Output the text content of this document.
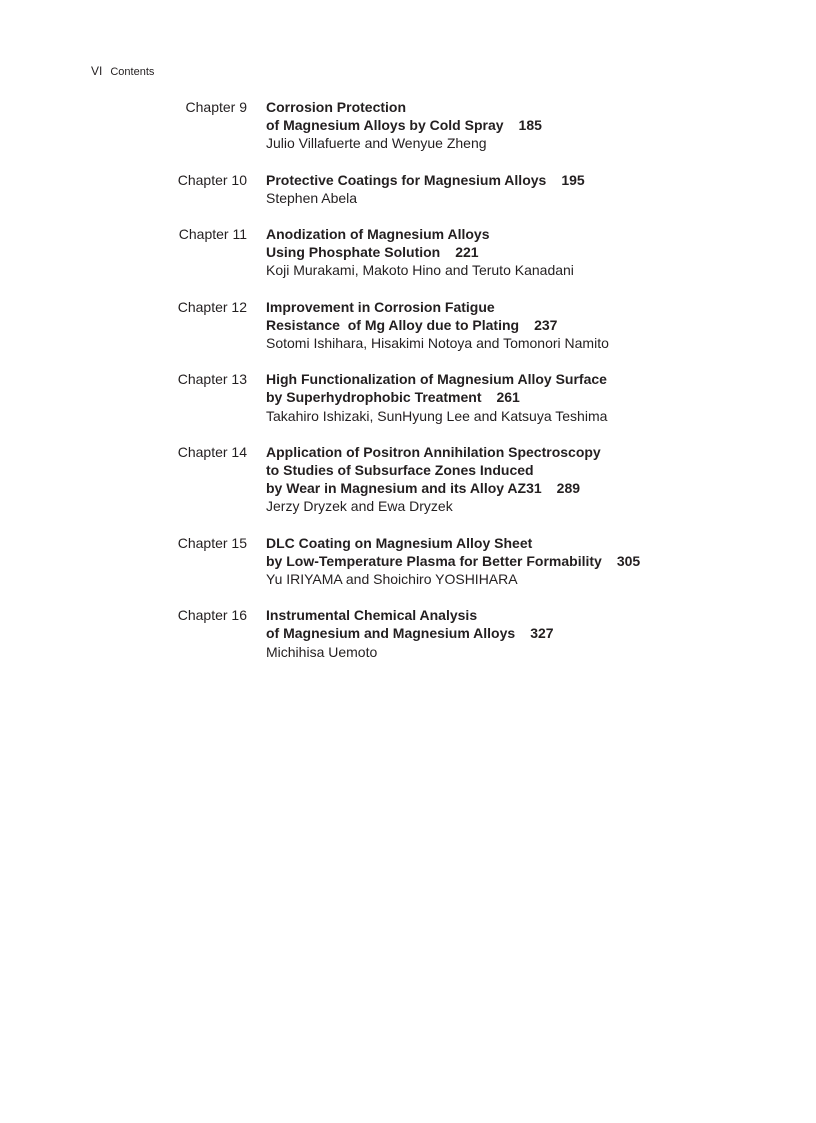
VI Contents
Chapter 9 Corrosion Protection
of Magnesium Alloys by Cold Spray 185
Julio Villafuerte and Wenyue Zheng
Chapter 10 Protective Coatings for Magnesium Alloys 195
Stephen Abela
Chapter 11 Anodization of Magnesium Alloys
Using Phosphate Solution 221
Koji Murakami, Makoto Hino and Teruto Kanadani
Chapter 12 Improvement in Corrosion Fatigue
Resistance  of Mg Alloy due to Plating 237
Sotomi Ishihara, Hisakimi Notoya and Tomonori Namito
Chapter 13 High Functionalization of Magnesium Alloy Surface
by Superhydrophobic Treatment 261
Takahiro Ishizaki, SunHyung Lee and Katsuya Teshima
Chapter 14 Application of Positron Annihilation Spectroscopy
to Studies of Subsurface Zones Induced
by Wear in Magnesium and its Alloy AZ31 289
Jerzy Dryzek and Ewa Dryzek
Chapter 15 DLC Coating on Magnesium Alloy Sheet
by Low-Temperature Plasma for Better Formability 305
Yu IRIYAMA and Shoichiro YOSHIHARA
Chapter 16 Instrumental Chemical Analysis
of Magnesium and Magnesium Alloys 327
Michihisa Uemoto
